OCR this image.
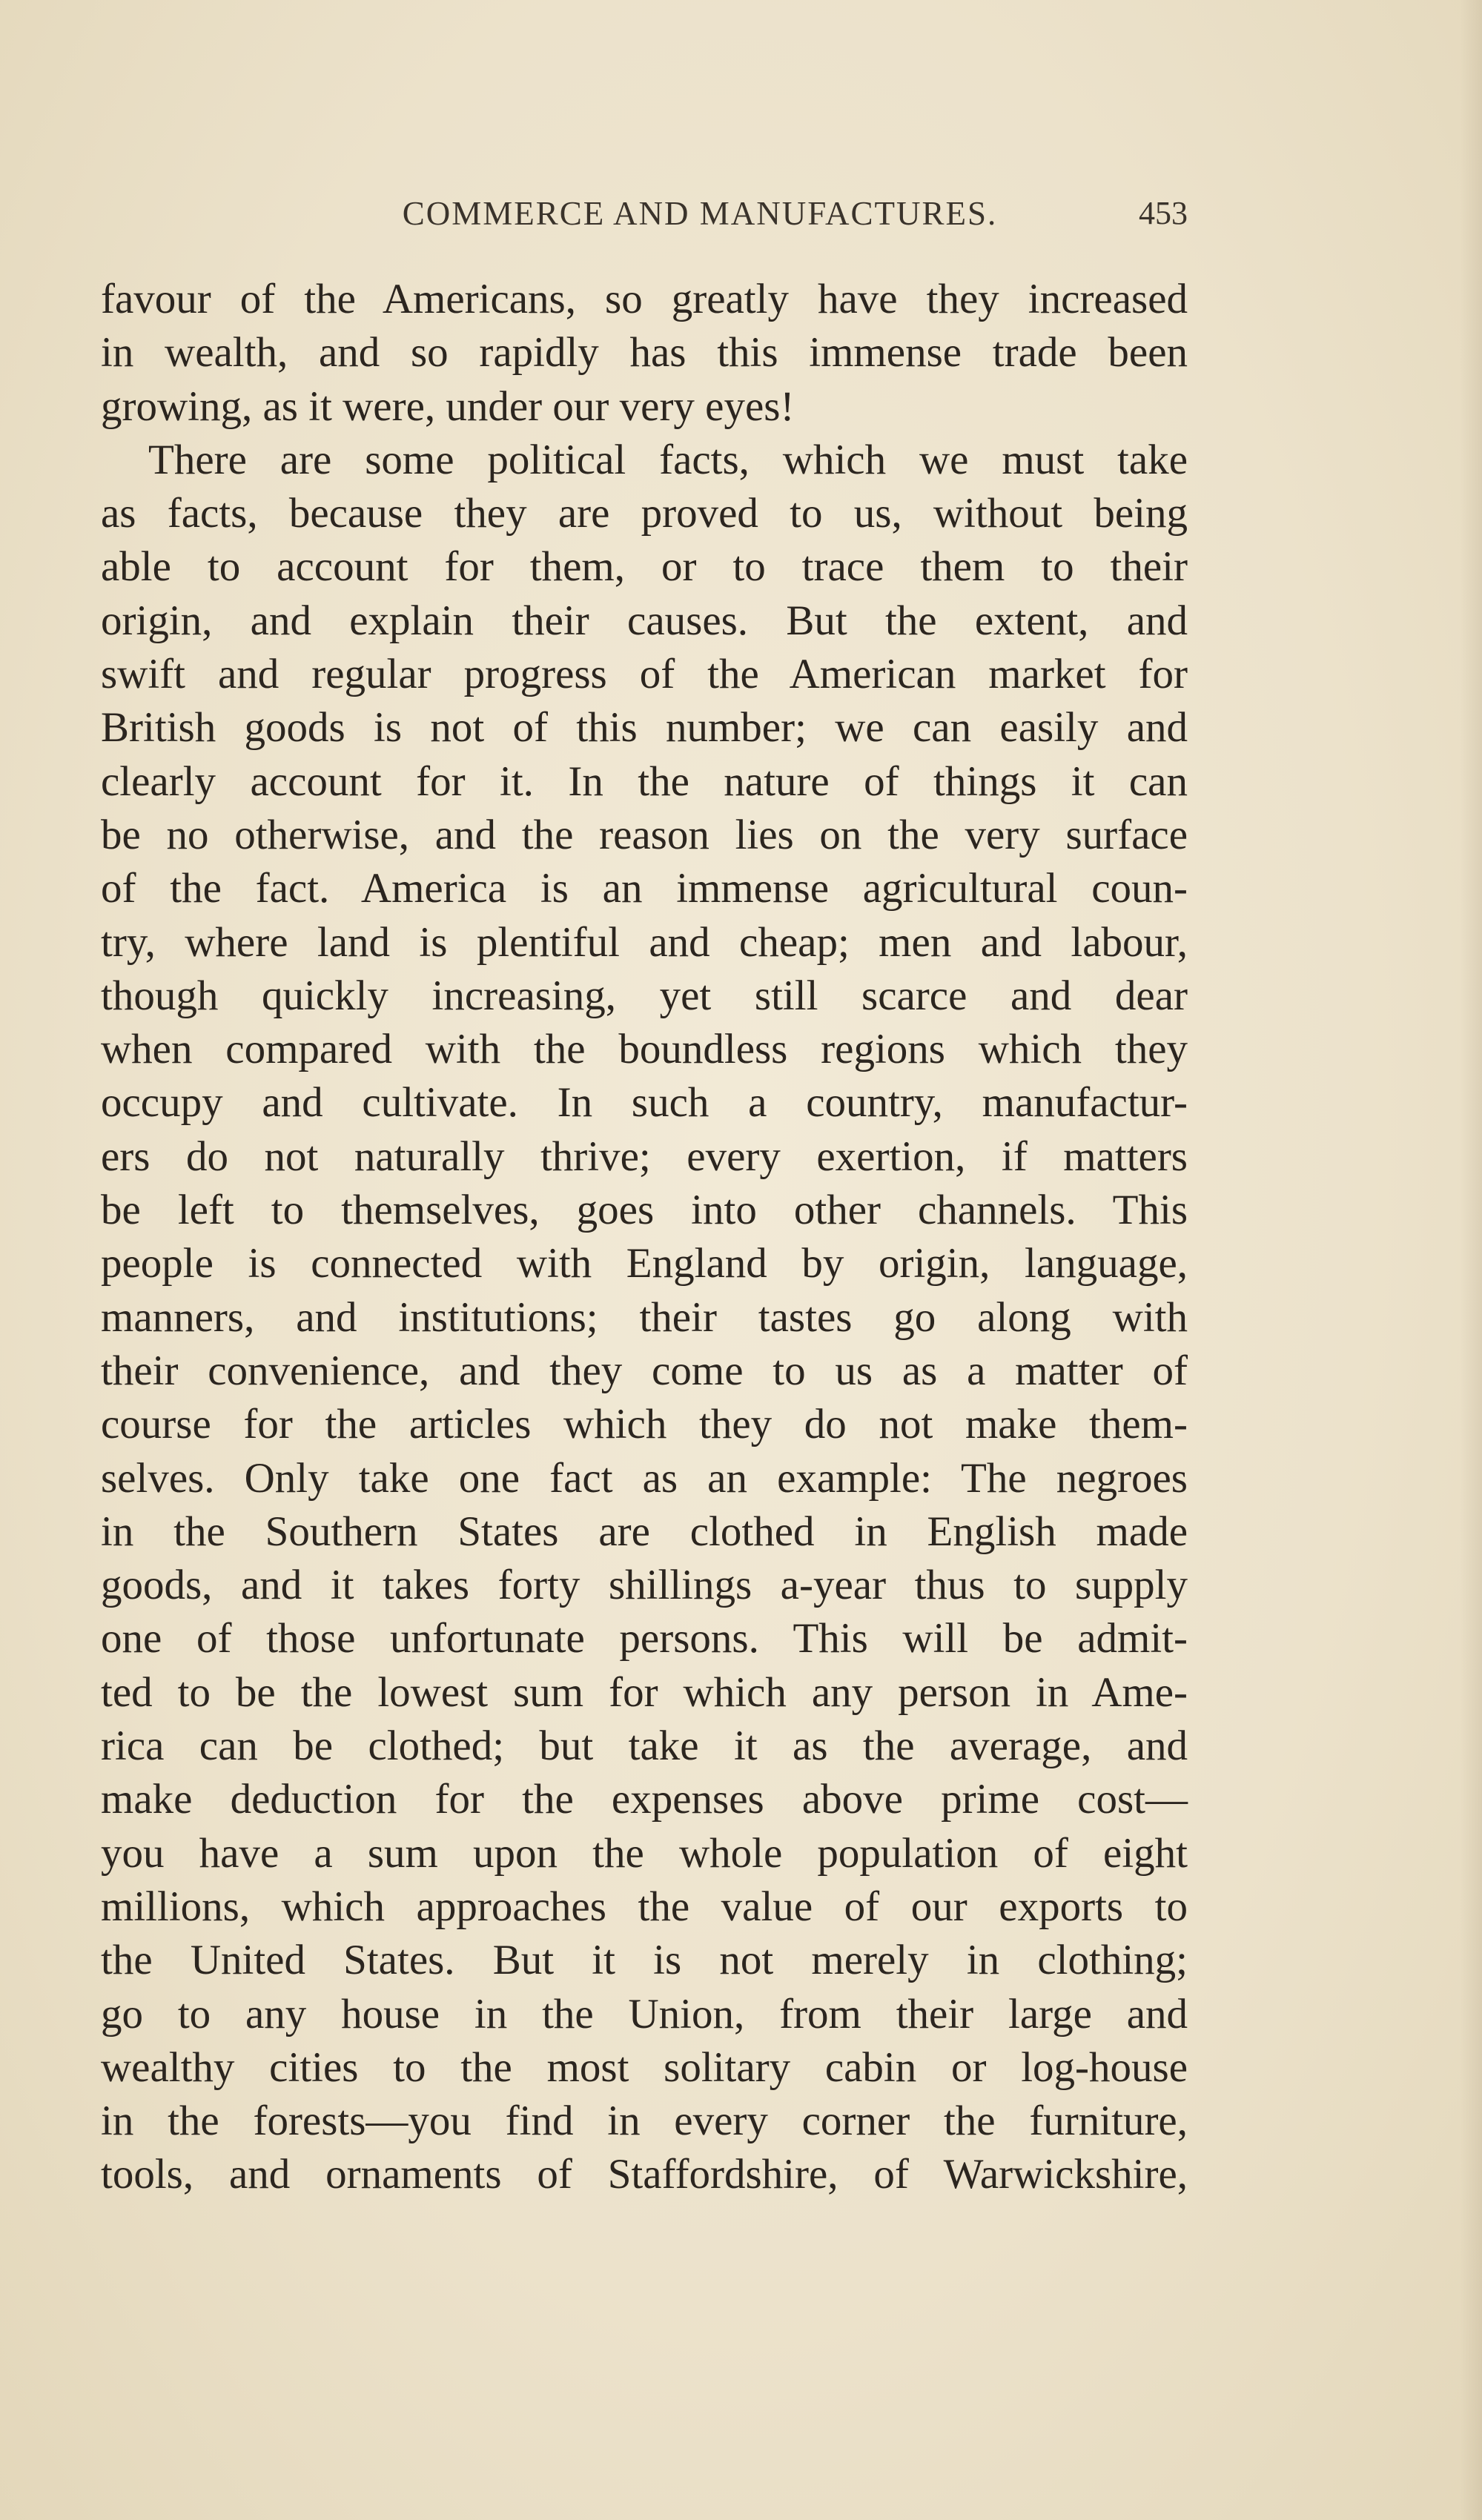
COMMERCE AND MANUFACTURES.	453
favour of the Americans, so greatly have they increased
in wealth, and so rapidly has this immense trade been
growing, as it were, under our very eyes!
There are some political facts, which we must take
as facts, because they are proved to us, without being
able to account for them, or to trace them to their
origin, and explain their causes. But the extent, and
swift and regular progress of the American market for
British goods is not of this number; we can easily and
clearly account for it. In the nature of things it can
be no otherwise, and the reason lies on the very surface
of the fact. America is an immense agricultural coun-
try, where land is plentiful and cheap; men and labour,
though quickly increasing, yet still scarce and dear
when compared with the boundless regions which they
occupy and cultivate. In such a country, manufactur-
ers do not naturally thrive; every exertion, if matters
be left to themselves, goes into other channels. This
people is connected with England by origin, language,
manners, and institutions; their tastes go along with
their convenience, and they come to us as a matter of
course for the articles which they do not make them-
selves. Only take one fact as an example: The negroes
in the Southern States are clothed in English made
goods, and it takes forty shillings a-year thus to supply
one of those unfortunate persons. This will be admit-
ted to be the lowest sum for which any person in Ame-
rica can be clothed; but take it as the average, and
make deduction for the expenses above prime cost—
you have a sum upon the whole population of eight
millions, which approaches the value of our exports to
the United States. But it is not merely in clothing;
go to any house in the Union, from their large and
wealthy cities to the most solitary cabin or log-house
in the forests—you find in every corner the furniture,
tools, and ornaments of Staffordshire, of Warwickshire,
